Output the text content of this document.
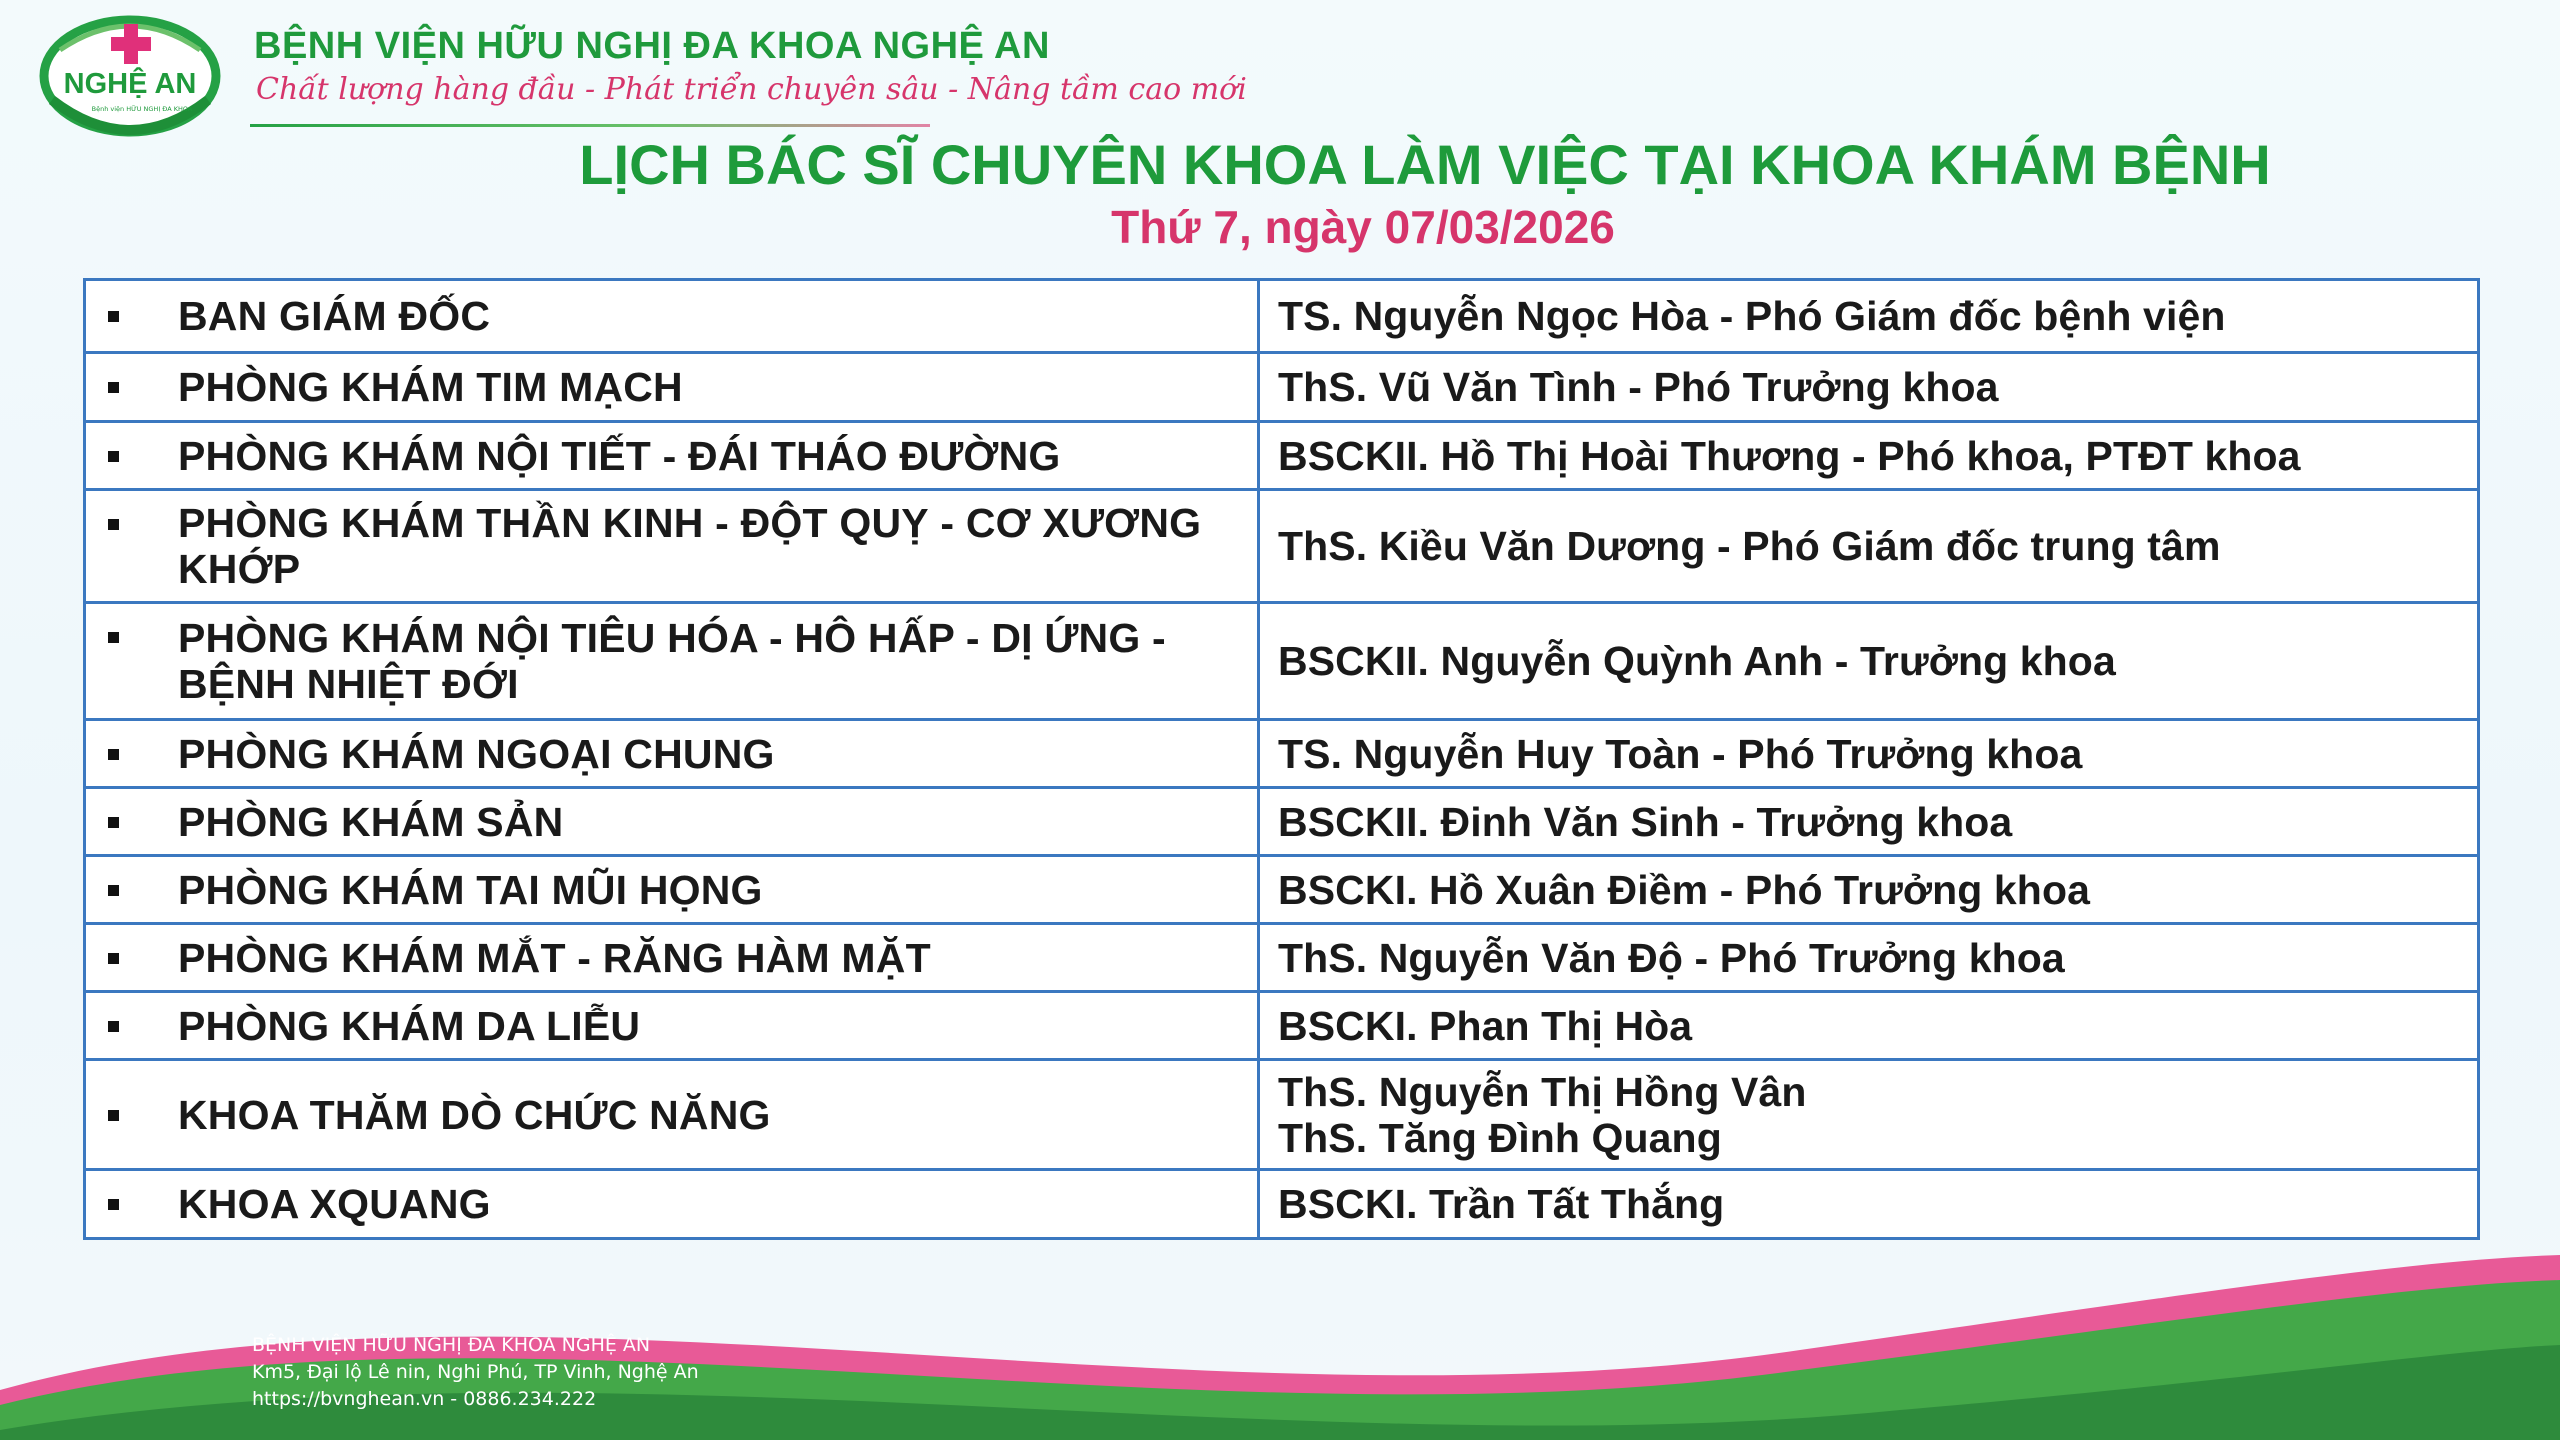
NGHỆ AN
Bệnh viện HỮU NGHỊ ĐA KHOA
BỆNH VIỆN HỮU NGHỊ ĐA KHOA NGHỆ AN
Chất lượng hàng đầu - Phát triển chuyên sâu - Nâng tầm cao mới
LỊCH BÁC SĨ CHUYÊN KHOA LÀM VIỆC TẠI KHOA KHÁM BỆNH
Thứ 7, ngày 07/03/2026
BAN GIÁM ĐỐC	TS. Nguyễn Ngọc Hòa - Phó Giám đốc bệnh viện

PHÒNG KHÁM TIM MẠCH	ThS. Vũ Văn Tình - Phó Trưởng khoa

PHÒNG KHÁM NỘI TIẾT - ĐÁI THÁO ĐƯỜNG	BSCKII. Hồ Thị Hoài Thương - Phó khoa, PTĐT khoa

PHÒNG KHÁM THẦN KINH - ĐỘT QUỴ - CƠ XƯƠNG KHỚP	ThS. Kiều Văn Dương - Phó Giám đốc trung tâm

PHÒNG KHÁM NỘI TIÊU HÓA - HÔ HẤP - DỊ ỨNG - BỆNH NHIỆT ĐỚI	BSCKII. Nguyễn Quỳnh Anh - Trưởng khoa

PHÒNG KHÁM NGOẠI CHUNG	TS. Nguyễn Huy Toàn - Phó Trưởng khoa

PHÒNG KHÁM SẢN	BSCKII. Đinh Văn Sinh - Trưởng khoa

PHÒNG KHÁM TAI MŨI HỌNG	BSCKI. Hồ Xuân Điềm - Phó Trưởng khoa

PHÒNG KHÁM MẮT - RĂNG HÀM MẶT	ThS. Nguyễn Văn Độ - Phó Trưởng khoa

PHÒNG KHÁM DA LIỄU	BSCKI. Phan Thị Hòa

KHOA THĂM DÒ CHỨC NĂNG	ThS. Nguyễn Thị Hồng Vân
ThS. Tăng Đình Quang

KHOA XQUANG	BSCKI. Trần Tất Thắng
BỆNH VIỆN HỮU NGHỊ ĐA KHOA NGHỆ AN
Km5, Đại lộ Lê nin, Nghi Phú, TP Vinh, Nghệ An
https://bvnghean.vn - 0886.234.222
